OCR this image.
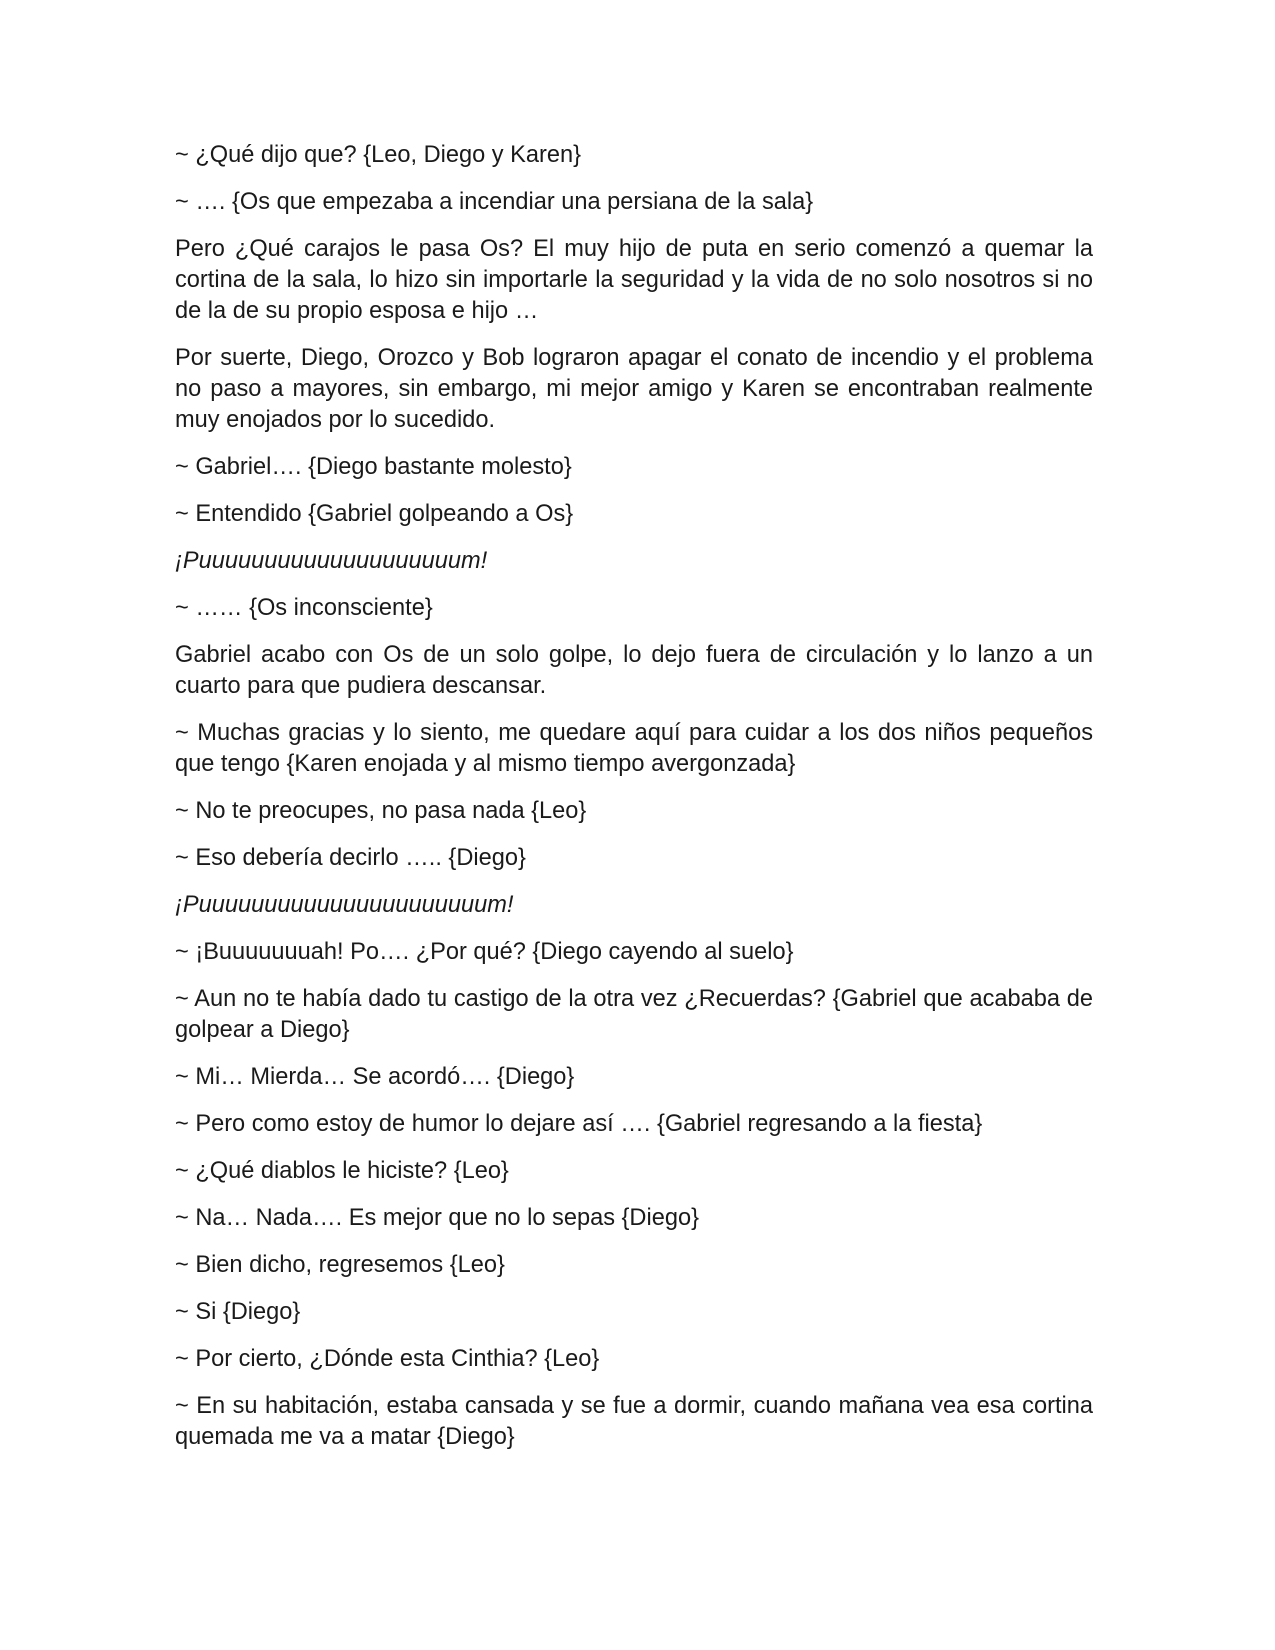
~ ¿Qué dijo que? {Leo, Diego y Karen}

~ …. {Os que empezaba a incendiar una persiana de la sala}

Pero ¿Qué carajos le pasa Os? El muy hijo de puta en serio comenzó a quemar la cortina de la sala, lo hizo sin importarle la seguridad y la vida de no solo nosotros si no de la de su propio esposa e hijo …

Por suerte, Diego, Orozco y Bob lograron apagar el conato de incendio y el problema no paso a mayores, sin embargo, mi mejor amigo y Karen se encontraban realmente muy enojados por lo sucedido.

~ Gabriel…. {Diego bastante molesto}

~ Entendido {Gabriel golpeando a Os}

¡Puuuuuuuuuuuuuuuuuuuum!

~ …… {Os inconsciente}

Gabriel acabo con Os de un solo golpe, lo dejo fuera de circulación y lo lanzo a un cuarto para que pudiera descansar.

~ Muchas gracias y lo siento, me quedare aquí para cuidar a los dos niños pequeños que tengo {Karen enojada y al mismo tiempo avergonzada}

~ No te preocupes, no pasa nada {Leo}

~ Eso debería decirlo ….. {Diego}

¡Puuuuuuuuuuuuuuuuuuuuuum!

~ ¡Buuuuuuuah! Po…. ¿Por qué? {Diego cayendo al suelo}

~ Aun no te había dado tu castigo de la otra vez ¿Recuerdas? {Gabriel que acababa de golpear a Diego}

~ Mi… Mierda… Se acordó…. {Diego}

~ Pero como estoy de humor lo dejare así …. {Gabriel regresando a la fiesta}

~ ¿Qué diablos le hiciste? {Leo}

~ Na… Nada…. Es mejor que no lo sepas {Diego}

~ Bien dicho, regresemos {Leo}

~ Si {Diego}

~ Por cierto, ¿Dónde esta Cinthia? {Leo}

~ En su habitación, estaba cansada y se fue a dormir, cuando mañana vea esa cortina quemada me va a matar {Diego}
